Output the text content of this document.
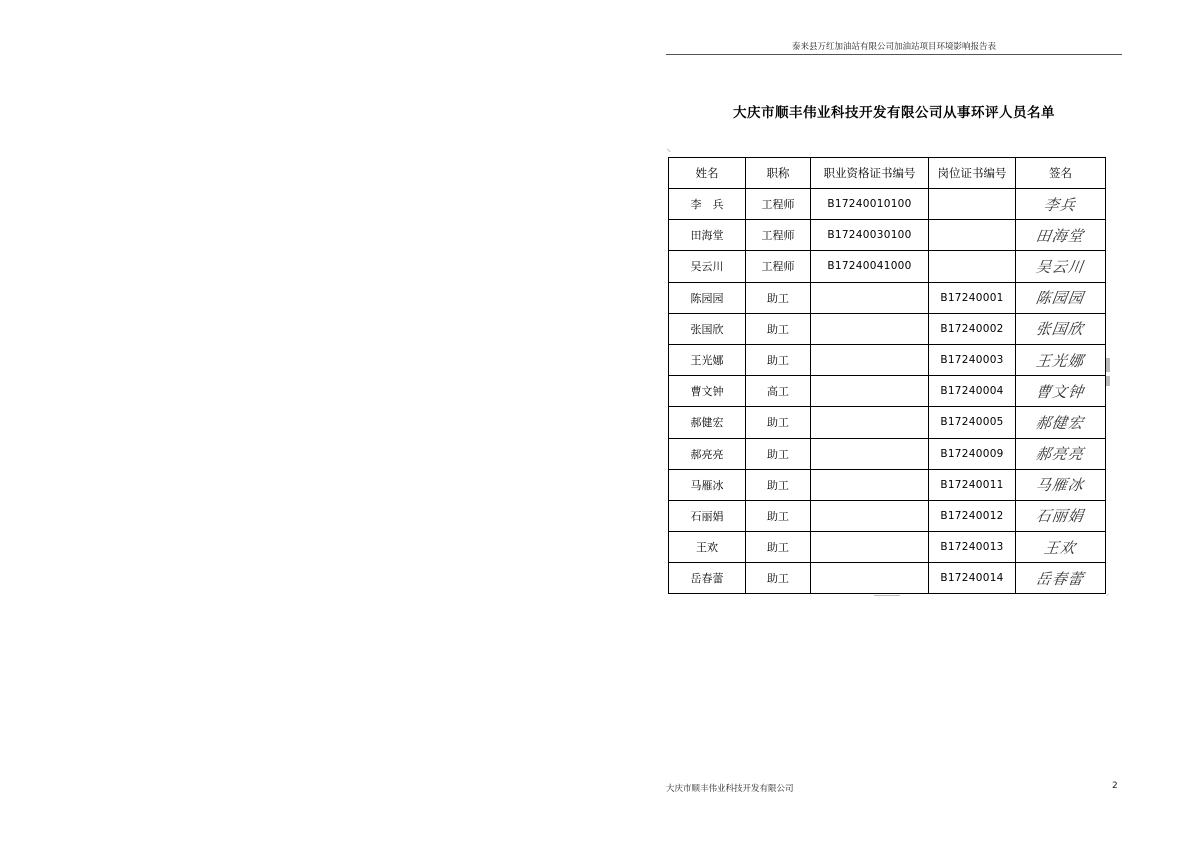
泰来县万红加油站有限公司加油站项目环境影响报告表
大庆市顺丰伟业科技开发有限公司从事环评人员名单
↘
⌟
姓名	职称	职业资格证书编号	岗位证书编号	签名
李　兵	工程师	B17240010100		李兵
田海堂	工程师	B17240030100		田海堂
吴云川	工程师	B17240041000		吴云川
陈园园	助工		B17240001	陈园园
张国欣	助工		B17240002	张国欣
王光娜	助工		B17240003	王光娜
曹文钟	高工		B17240004	曹文钟
郝健宏	助工		B17240005	郝健宏
郝亮亮	助工		B17240009	郝亮亮
马雁冰	助工		B17240011	马雁冰
石丽娟	助工		B17240012	石丽娟
王欢	助工		B17240013	王欢
岳春蕾	助工		B17240014	岳春蕾
大庆市顺丰伟业科技开发有限公司	2
